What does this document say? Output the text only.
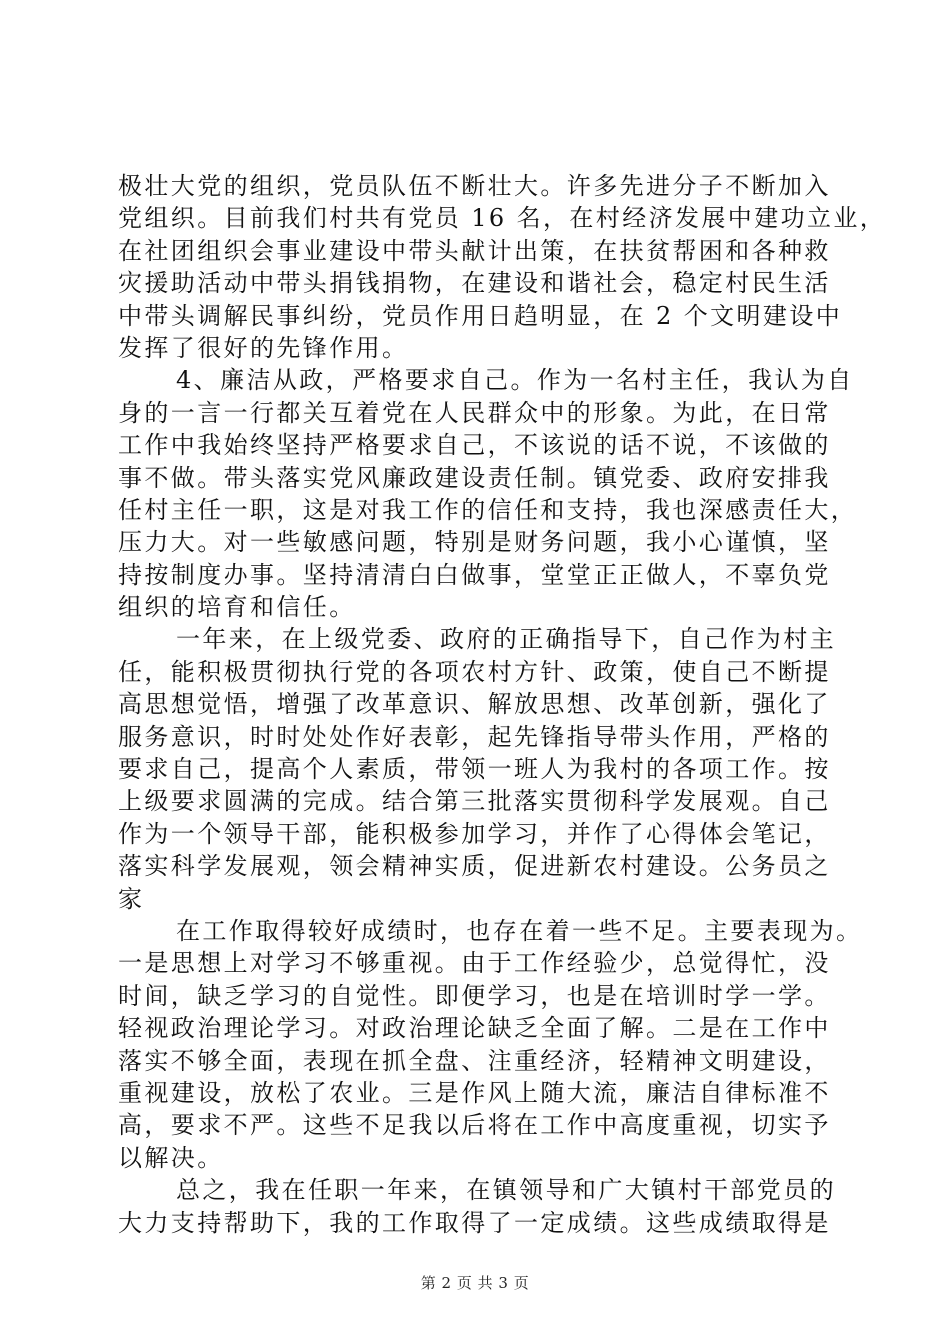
极壮大党的组织，党员队伍不断壮大。许多先进分子不断加入
党组织。目前我们村共有党员 16 名，在村经济发展中建功立业，
在社团组织会事业建设中带头献计出策，在扶贫帮困和各种救
灾援助活动中带头捐钱捐物，在建设和谐社会，稳定村民生活
中带头调解民事纠纷，党员作用日趋明显，在 2 个文明建设中
发挥了很好的先锋作用。
4、廉洁从政，严格要求自己。作为一名村主任，我认为自
身的一言一行都关互着党在人民群众中的形象。为此，在日常
工作中我始终坚持严格要求自己，不该说的话不说，不该做的
事不做。带头落实党风廉政建设责任制。镇党委、政府安排我
任村主任一职，这是对我工作的信任和支持，我也深感责任大，
压力大。对一些敏感问题，特别是财务问题，我小心谨慎，坚
持按制度办事。坚持清清白白做事，堂堂正正做人，不辜负党
组织的培育和信任。
一年来，在上级党委、政府的正确指导下，自己作为村主
任，能积极贯彻执行党的各项农村方针、政策，使自己不断提
高思想觉悟，增强了改革意识、解放思想、改革创新，强化了
服务意识，时时处处作好表彰，起先锋指导带头作用，严格的
要求自己，提高个人素质，带领一班人为我村的各项工作。按
上级要求圆满的完成。结合第三批落实贯彻科学发展观。自己
作为一个领导干部，能积极参加学习，并作了心得体会笔记，
落实科学发展观，领会精神实质，促进新农村建设。公务员之
家
在工作取得较好成绩时，也存在着一些不足。主要表现为。
一是思想上对学习不够重视。由于工作经验少，总觉得忙，没
时间，缺乏学习的自觉性。即便学习，也是在培训时学一学。
轻视政治理论学习。对政治理论缺乏全面了解。二是在工作中
落实不够全面，表现在抓全盘、注重经济，轻精神文明建设，
重视建设，放松了农业。三是作风上随大流，廉洁自律标准不
高，要求不严。这些不足我以后将在工作中高度重视，切实予
以解决。
总之，我在任职一年来，在镇领导和广大镇村干部党员的
大力支持帮助下，我的工作取得了一定成绩。这些成绩取得是
第 2 页 共 3 页
